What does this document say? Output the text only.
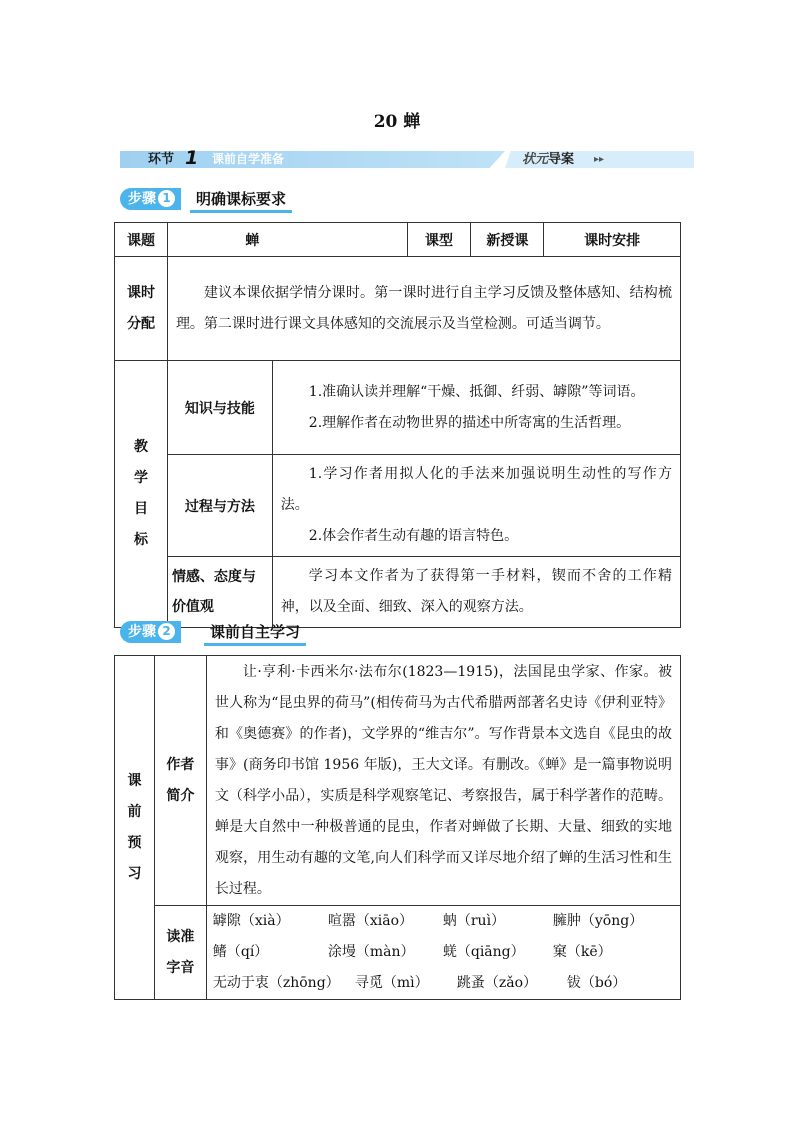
20 蝉
环节 1 课前自学准备	状元导案 ▸▸
步骤 1	明确课标要求
课题	蝉		课型	新授课	课时安排
课时分配	建议本课依据学情分课时。第一课时进行自主学习反馈及整体感知、结构梳理。第二课时进行课文具体感知的交流展示及当堂检测。可适当调节。				

教学目标	知识与技能	1.准确认读并理解“干燥、抵御、纤弱、罅隙”等词语。
2.理解作者在动物世界的描述中所寄寓的生活哲理。			

	过程与方法	1.学习作者用拟人化的手法来加强说明生动性的写作方法。
2.体会作者生动有趣的语言特色。			

	情感、态度与价值观	学习本文作者为了获得第一手材料，锲而不舍的工作精神，以及全面、细致、深入的观察方法。			
步骤 2	课前自主学习
课前预习	作者简介	让·亨利·卡西米尔·法布尔(1823—1915)，法国昆虫学家、作家。被世人称为“昆虫界的荷马”(相传荷马为古代希腊两部著名史诗《伊利亚特》和《奥德赛》的作者)，文学界的“维吉尔”。写作背景本文选自《昆虫的故事》(商务印书馆 1956 年版)，王大文译。有删改。《蝉》是一篇事物说明文（科学小品），实质是科学观察笔记、考察报告，属于科学著作的范畴。蝉是大自然中一种极普通的昆虫，作者对蝉做了长期、大量、细致的实地观察，用生动有趣的文笔,向人们科学而又详尽地介绍了蝉的生活习性和生长过程。

	读准字音	罅隙（xià） 喧嚣（xiāo） 蚋（ruì） 臃肿（yōng）
鳍（qí） 涂墁（màn） 蜣（qiāng） 窠（kē）
无动于衷（zhōng） 寻觅（mì） 跳蚤（zǎo） 钹（bó）
